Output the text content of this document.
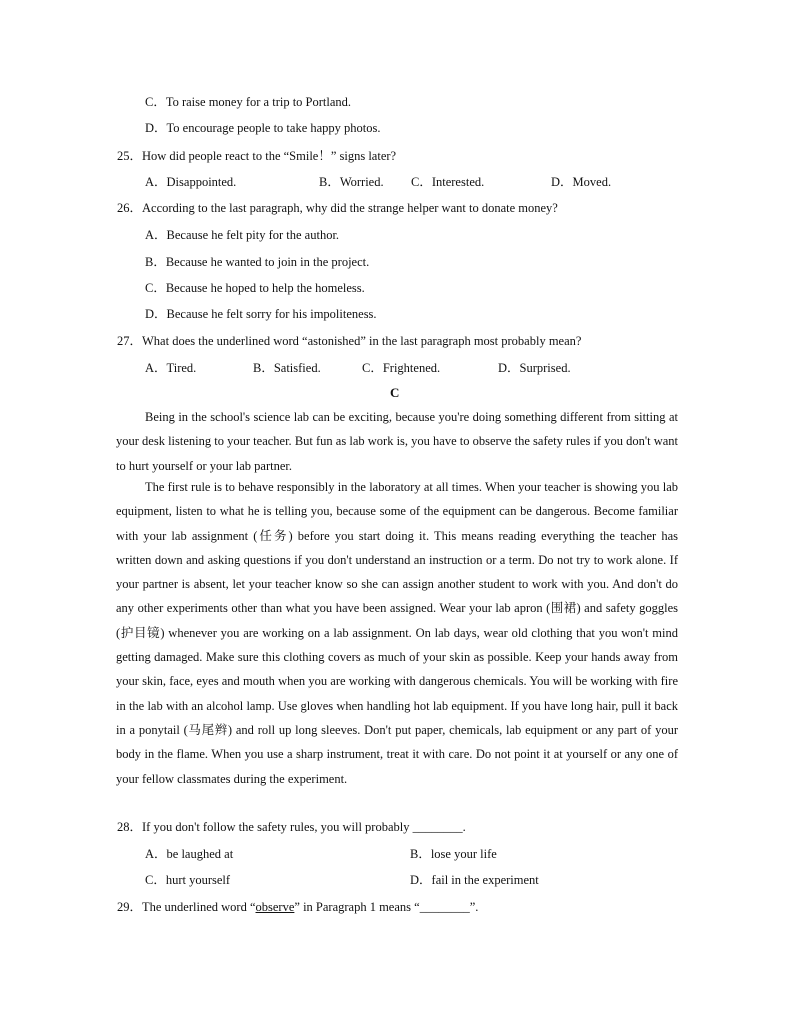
C．To raise money for a trip to Portland.
D．To encourage people to take happy photos.
25．How did people react to the “Smile！” signs later?
A．Disappointed.	B．Worried. C．Interested.	D．Moved.
26．According to the last paragraph, why did the strange helper want to donate money?
A．Because he felt pity for the author.
B．Because he wanted to join in the project.
C．Because he hoped to help the homeless.
D．Because he felt sorry for his impoliteness.
27．What does the underlined word “astonished” in the last paragraph most probably mean?
A．Tired.	B．Satisfied.	C．Frightened.	D．Surprised.
C
Being in the school's science lab can be exciting, because you're doing something different from sitting at your desk listening to your teacher. But fun as lab work is, you have to observe the safety rules if you don't want to hurt yourself or your lab partner.
The first rule is to behave responsibly in the laboratory at all times. When your teacher is showing you lab equipment, listen to what he is telling you, because some of the equipment can be dangerous. Become familiar with your lab assignment (任务) before you start doing it. This means reading everything the teacher has written down and asking questions if you don't understand an instruction or a term. Do not try to work alone. If your partner is absent, let your teacher know so she can assign another student to work with you. And don't do any other experiments other than what you have been assigned. Wear your lab apron (围裙) and safety goggles (护目镜) whenever you are working on a lab assignment. On lab days, wear old clothing that you won't mind getting damaged. Make sure this clothing covers as much of your skin as possible. Keep your hands away from your skin, face, eyes and mouth when you are working with dangerous chemicals. You will be working with fire in the lab with an alcohol lamp. Use gloves when handling hot lab equipment. If you have long hair, pull it back in a ponytail (马尾辫) and roll up long sleeves. Don't put paper, chemicals, lab equipment or any part of your body in the flame. When you use a sharp instrument, treat it with care. Do not point it at yourself or any one of your fellow classmates during the experiment.
28．If you don't follow the safety rules, you will probably ________.
A．be laughed at	B．lose your life
C．hurt yourself	D．fail in the experiment
29．The underlined word “observe” in Paragraph 1 means “________”.
